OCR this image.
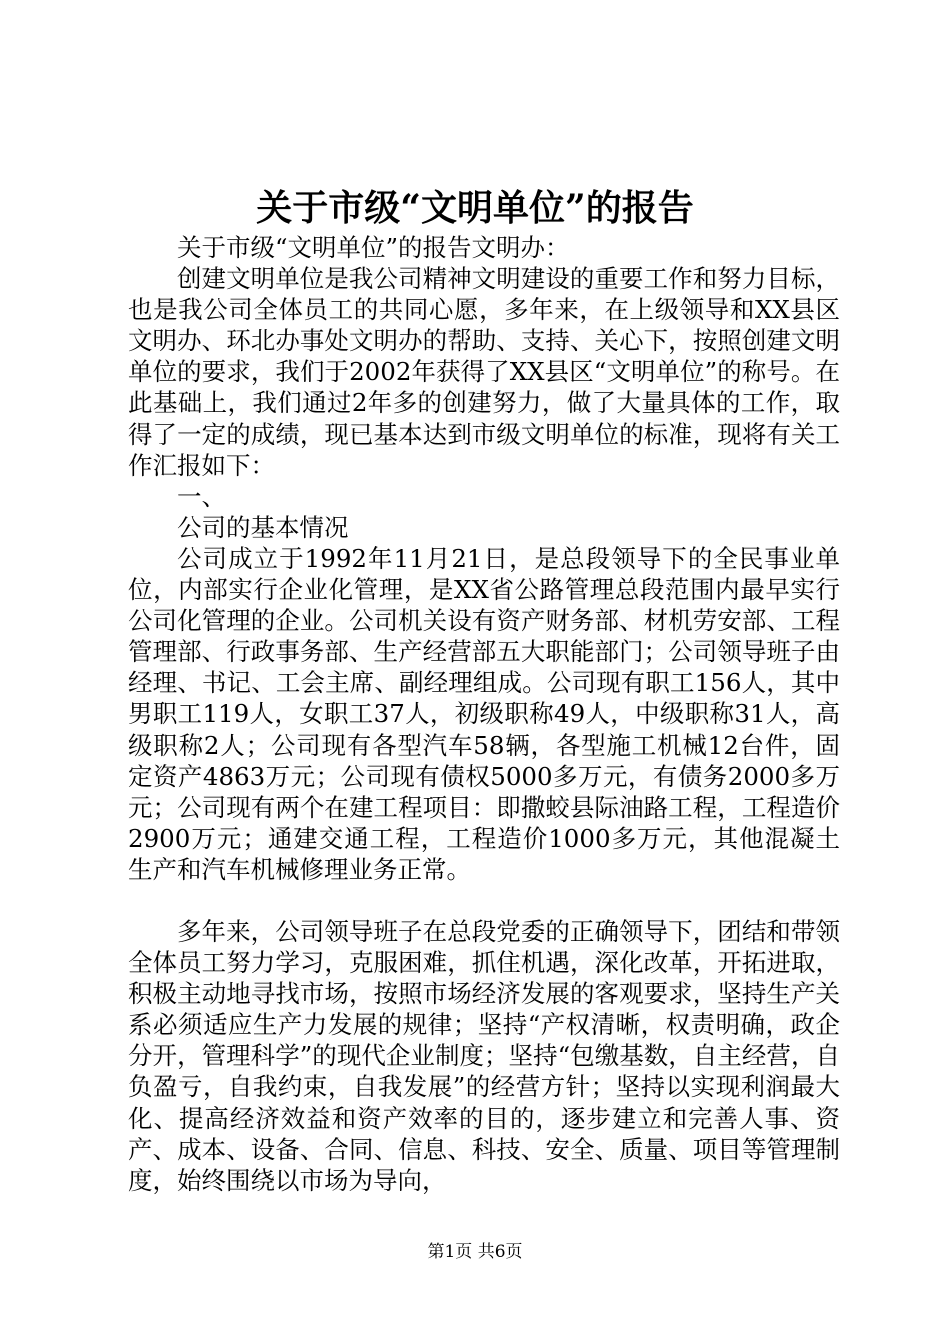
关于市级“文明单位”的报告

关于市级“文明单位”的报告文明办：

创建文明单位是我公司精神文明建设的重要工作和努力目标，也是我公司全体员工的共同心愿，多年来，在上级领导和XX县区文明办、环北办事处文明办的帮助、支持、关心下，按照创建文明单位的要求，我们于2002年获得了XX县区“文明单位”的称号。在此基础上，我们通过2年多的创建努力，做了大量具体的工作，取得了一定的成绩，现已基本达到市级文明单位的标准，现将有关工作汇报如下：

一、

公司的基本情况

公司成立于1992年11月21日，是总段领导下的全民事业单位，内部实行企业化管理，是XX省公路管理总段范围内最早实行公司化管理的企业。公司机关设有资产财务部、材机劳安部、工程管理部、行政事务部、生产经营部五大职能部门；公司领导班子由经理、书记、工会主席、副经理组成。公司现有职工156人，其中男职工119人，女职工37人，初级职称49人，中级职称31人，高级职称2人；公司现有各型汽车58辆，各型施工机械12台件，固定资产4863万元；公司现有债权5000多万元，有债务2000多万元；公司现有两个在建工程项目：即撒蛟县际油路工程，工程造价2900万元；通建交通工程，工程造价1000多万元，其他混凝土生产和汽车机械修理业务正常。

多年来，公司领导班子在总段党委的正确领导下，团结和带领全体员工努力学习，克服困难，抓住机遇，深化改革，开拓进取，积极主动地寻找市场，按照市场经济发展的客观要求，坚持生产关系必须适应生产力发展的规律；坚持“产权清晰，权责明确，政企分开，管理科学”的现代企业制度；坚持“包缴基数，自主经营，自负盈亏，自我约束，自我发展”的经营方针；坚持以实现利润最大化、提高经济效益和资产效率的目的，逐步建立和完善人事、资产、成本、设备、合同、信息、科技、安全、质量、项目等管理制度，始终围绕以市场为导向，

第1页 共6页
